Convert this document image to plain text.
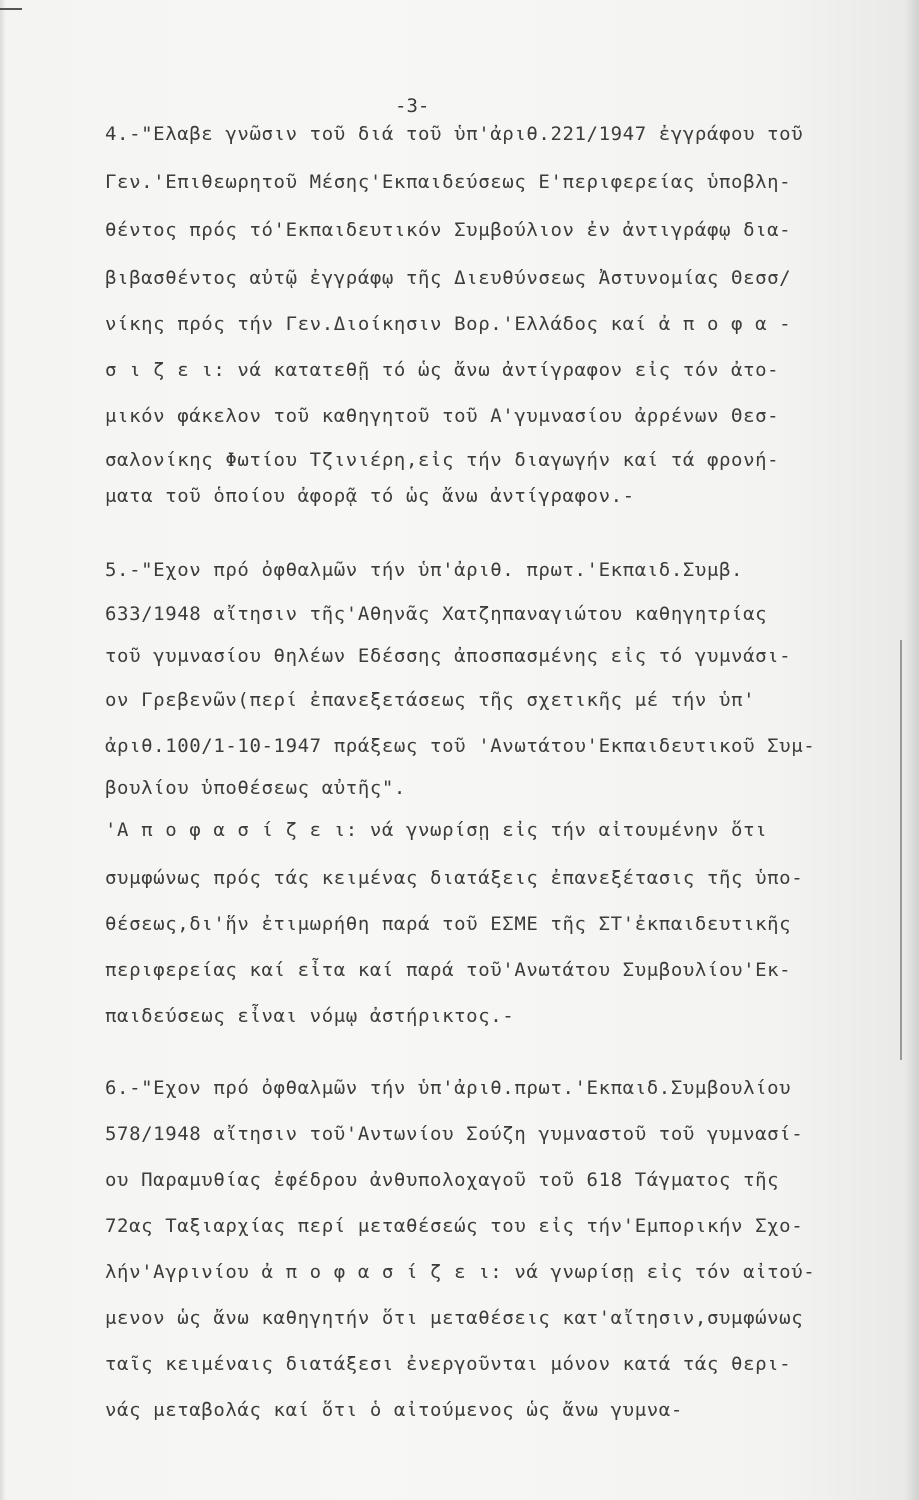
-3-
4.-"Ελαβε γνῶσιν τοῦ διά τοῦ ὑπ'ἀριθ.221/1947 ἐγγράφου τοῦ
Γεν.'Επιθεωρητοῦ Μέσης'Εκπαιδεύσεως Ε'περιφερείας ὑποβλη-
θέντος πρός τό'Εκπαιδευτικόν Συμβούλιον ἐν ἀντιγράφῳ δια-
βιβασθέντος αὐτῷ ἐγγράφῳ τῆς Διευθύνσεως Ἀστυνομίας Θεσσ/
νίκης πρός τήν Γεν.Διοίκησιν Βορ.'Ελλάδος καί ἀ π ο φ α -
σ ι ζ ε ι: νά κατατεθῇ τό ὡς ἄνω ἀντίγραφον εἰς τόν ἀτο-
μικόν φάκελον τοῦ καθηγητοῦ τοῦ Α'γυμνασίου ἀρρένων Θεσ-
σαλονίκης Φωτίου Τζινιέρη,εἰς τήν διαγωγήν καί τά φρονή-
ματα τοῦ ὁποίου ἀφορᾷ τό ὡς ἄνω ἀντίγραφον.-
5.-"Εχον πρό ὀφθαλμῶν τήν ὑπ'ἀριθ. πρωτ.'Εκπαιδ.Συμβ.
633/1948 αἴτησιν τῆς'Αθηνᾶς Χατζηπαναγιώτου καθηγητρίας
τοῦ γυμνασίου θηλέων Εδέσσης ἀποσπασμένης εἰς τό γυμνάσι-
ον Γρεβενῶν(περί ἐπανεξετάσεως τῆς σχετικῆς μέ τήν ὑπ'
ἀριθ.100/1-10-1947 πράξεως τοῦ 'Ανωτάτου'Εκπαιδευτικοῦ Συμ-
βουλίου ὑποθέσεως αὐτῆς".
'Α π ο φ α σ ί ζ ε ι: νά γνωρίσῃ εἰς τήν αἰτουμένην ὅτι
συμφώνως πρός τάς κειμένας διατάξεις ἐπανεξέτασις τῆς ὑπο-
θέσεως,δι'ἥν ἐτιμωρήθη παρά τοῦ ΕΣΜΕ τῆς ΣΤ'ἐκπαιδευτικῆς
περιφερείας καί εἶτα καί παρά τοῦ'Ανωτάτου Συμβουλίου'Εκ-
παιδεύσεως εἶναι νόμῳ ἀστήρικτος.-
6.-"Εχον πρό ὀφθαλμῶν τήν ὑπ'ἀριθ.πρωτ.'Εκπαιδ.Συμβουλίου
578/1948 αἴτησιν τοῦ'Αντωνίου Σούζη γυμναστοῦ τοῦ γυμνασί-
ου Παραμυθίας ἐφέδρου ἀνθυπολοχαγοῦ τοῦ 618 Τάγματος τῆς
72ας Ταξιαρχίας περί μεταθέσεώς του εἰς τήν'Εμπορικήν Σχο-
λήν'Αγρινίου ἀ π ο φ α σ ί ζ ε ι: νά γνωρίσῃ εἰς τόν αἰτού-
μενον ὡς ἄνω καθηγητήν ὅτι μεταθέσεις κατ'αἴτησιν,συμφώνως
ταῖς κειμέναις διατάξεσι ἐνεργοῦνται μόνον κατά τάς θερι-
νάς μεταβολάς καί ὅτι ὁ αἰτούμενος ὡς ἄνω γυμνα-
